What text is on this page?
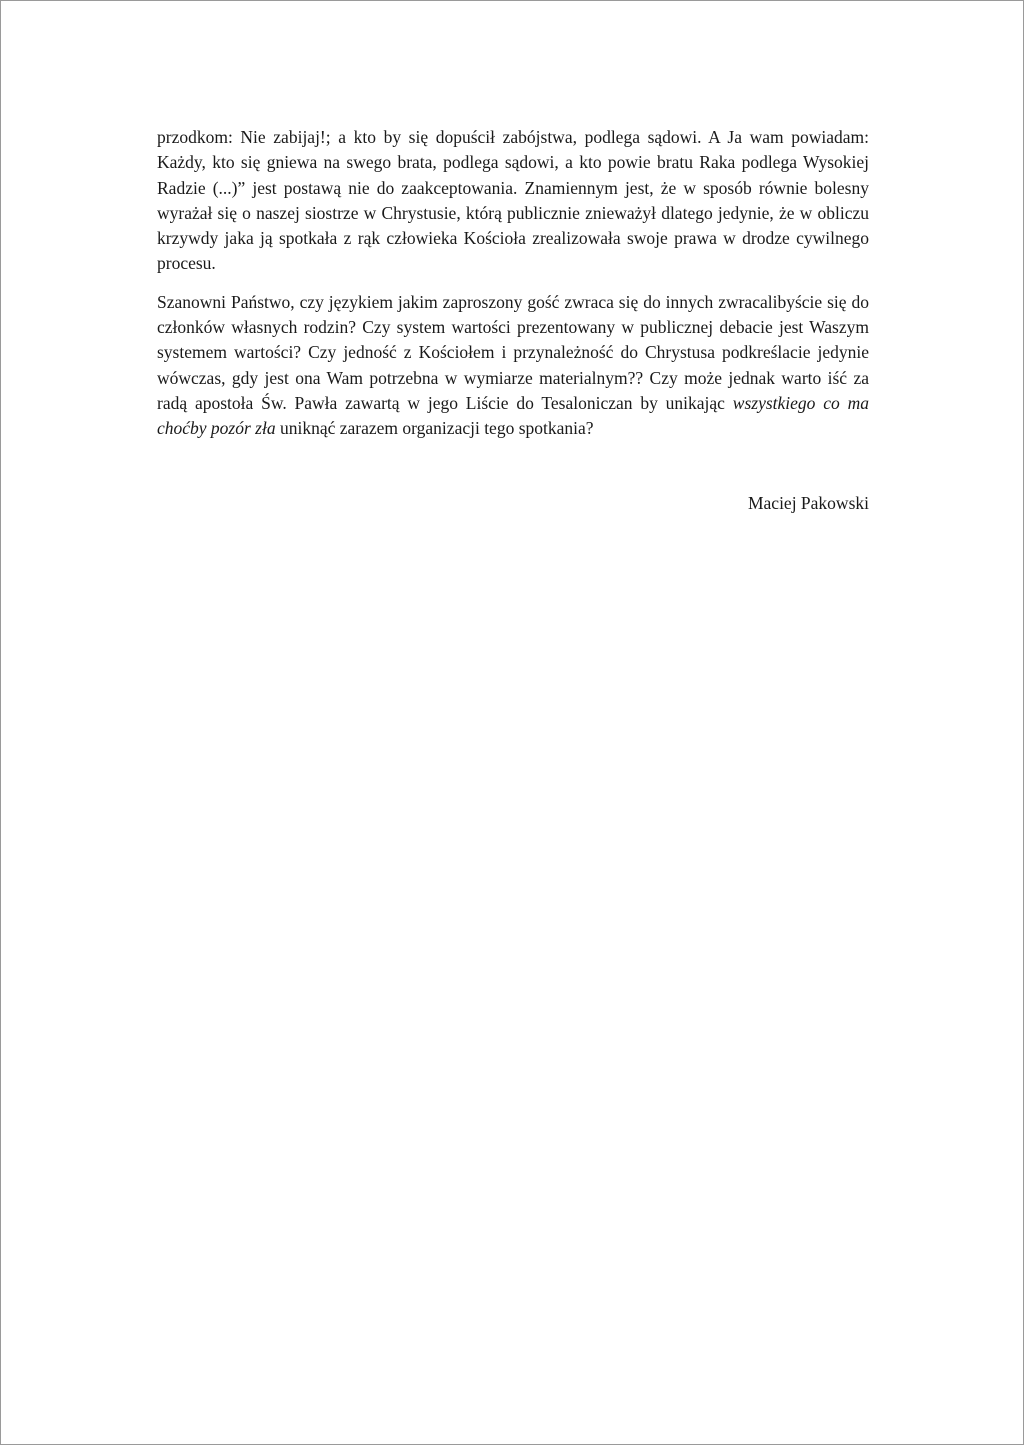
przodkom: Nie zabijaj!; a kto by się dopuścił zabójstwa, podlega sądowi. A Ja wam powiadam: Każdy, kto się gniewa na swego brata, podlega sądowi, a kto powie bratu Raka podlega Wysokiej Radzie (...)” jest postawą nie do zaakceptowania. Znamiennym jest, że w sposób równie bolesny wyrażał się o naszej siostrze w Chrystusie, którą publicznie znieważył dlatego jedynie, że w obliczu krzywdy jaka ją spotkała z rąk człowieka Kościoła zrealizowała swoje prawa w drodze cywilnego procesu.

Szanowni Państwo, czy językiem jakim zaproszony gość zwraca się do innych zwracalibyście się do członków własnych rodzin? Czy system wartości prezentowany w publicznej debacie jest Waszym systemem wartości? Czy jedność z Kościołem i przynależność do Chrystusa podkreślacie jedynie wówczas, gdy jest ona Wam potrzebna w wymiarze materialnym?? Czy może jednak warto iść za radą apostoła Św. Pawła zawartą w jego Liście do Tesaloniczan by unikając wszystkiego co ma choćby pozór zła uniknąć zarazem organizacji tego spotkania?

Maciej Pakowski
